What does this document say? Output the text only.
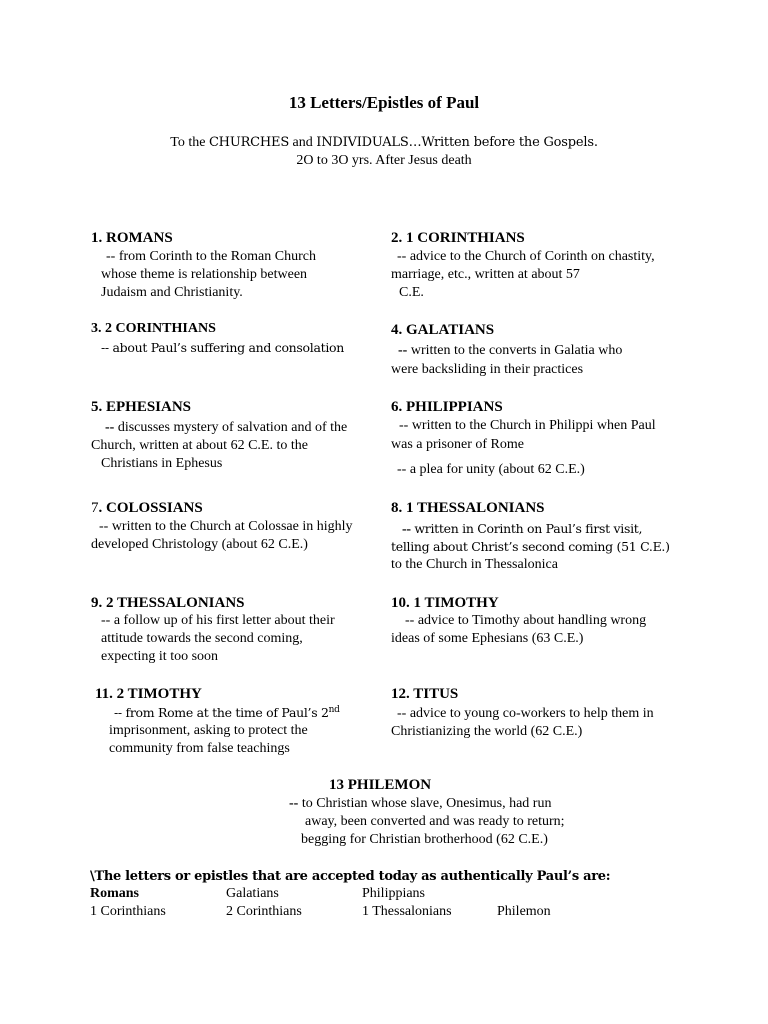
13 Letters/Epistles of Paul
To the CHURCHES and INDIVIDUALS…Written before the Gospels.
2O to 3O yrs. After Jesus death
1. ROMANS
-- from Corinth to the Roman Church
whose theme is relationship between
Judaism and Christianity.
2. 1 CORINTHIANS
-- advice to the Church of Corinth on chastity,
marriage, etc., written at about 57
C.E.
3. 2 CORINTHIANS
-- about Paul’s suffering and consolation
4. GALATIANS
-- written to the converts in Galatia who
were backsliding in their practices
5. EPHESIANS
-- discusses mystery of salvation and of the
Church, written at about 62 C.E. to the
Christians in Ephesus
6. PHILIPPIANS
-- written to the Church in Philippi when Paul
was a prisoner of Rome
-- a plea for unity (about 62 C.E.)
7. COLOSSIANS
-- written to the Church at Colossae in highly
developed Christology (about 62 C.E.)
8. 1 THESSALONIANS
-- written in Corinth on Paul’s first visit,
telling about Christ’s second coming (51 C.E.)
to the Church in Thessalonica
9. 2 THESSALONIANS
-- a follow up of his first letter about their
attitude towards the second coming,
expecting it too soon
10. 1 TIMOTHY
-- advice to Timothy about handling wrong
ideas of some Ephesians (63 C.E.)
11. 2 TIMOTHY
-- from Rome at the time of Paul’s 2nd
imprisonment, asking to protect the
community from false teachings
12. TITUS
-- advice to young co-workers to help them in
Christianizing the world (62 C.E.)
13 PHILEMON
-- to Christian whose slave, Onesimus, had run
away, been converted and was ready to return;
begging for Christian brotherhood (62 C.E.)
\The letters or epistles that are accepted today as authentically Paul’s are:
Romans	Galatians	Philippians
1 Corinthians	2 Corinthians	1 Thessalonians	Philemon
